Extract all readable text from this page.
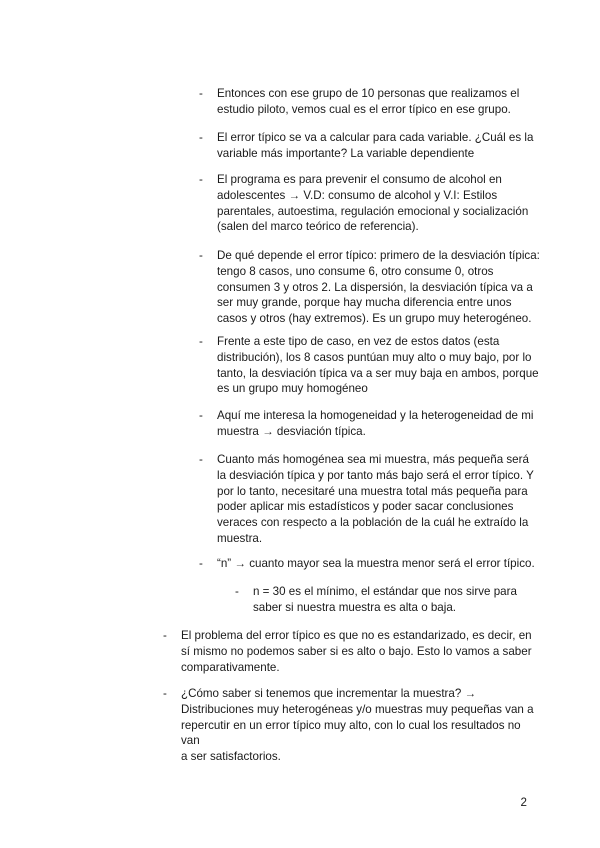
- Entonces con ese grupo de 10 personas que realizamos el
estudio piloto, vemos cual es el error típico en ese grupo.
- El error típico se va a calcular para cada variable. ¿Cuál es la
variable más importante? La variable dependiente
- El programa es para prevenir el consumo de alcohol en
adolescentes → V.D: consumo de alcohol y V.I: Estilos
parentales, autoestima, regulación emocional y socialización
(salen del marco teórico de referencia).
- De qué depende el error típico: primero de la desviación típica:
tengo 8 casos, uno consume 6, otro consume 0, otros
consumen 3 y otros 2. La dispersión, la desviación típica va a
ser muy grande, porque hay mucha diferencia entre unos
casos y otros (hay extremos). Es un grupo muy heterogéneo.
- Frente a este tipo de caso, en vez de estos datos (esta
distribución), los 8 casos puntúan muy alto o muy bajo, por lo
tanto, la desviación típica va a ser muy baja en ambos, porque
es un grupo muy homogéneo
- Aquí me interesa la homogeneidad y la heterogeneidad de mi
muestra → desviación típica.
- Cuanto más homogénea sea mi muestra, más pequeña será
la desviación típica y por tanto más bajo será el error típico. Y
por lo tanto, necesitaré una muestra total más pequeña para
poder aplicar mis estadísticos y poder sacar conclusiones
veraces con respecto a la población de la cuál he extraído la
muestra.
- “n” → cuanto mayor sea la muestra menor será el error típico.
- n = 30 es el mínimo, el estándar que nos sirve para
saber si nuestra muestra es alta o baja.
- El problema del error típico es que no es estandarizado, es decir, en
sí mismo no podemos saber si es alto o bajo. Esto lo vamos a saber
comparativamente.
- ¿Cómo saber si tenemos que incrementar la muestra? →
Distribuciones muy heterogéneas y/o muestras muy pequeñas van a
repercutir en un error típico muy alto, con lo cual los resultados no van
a ser satisfactorios.
2
